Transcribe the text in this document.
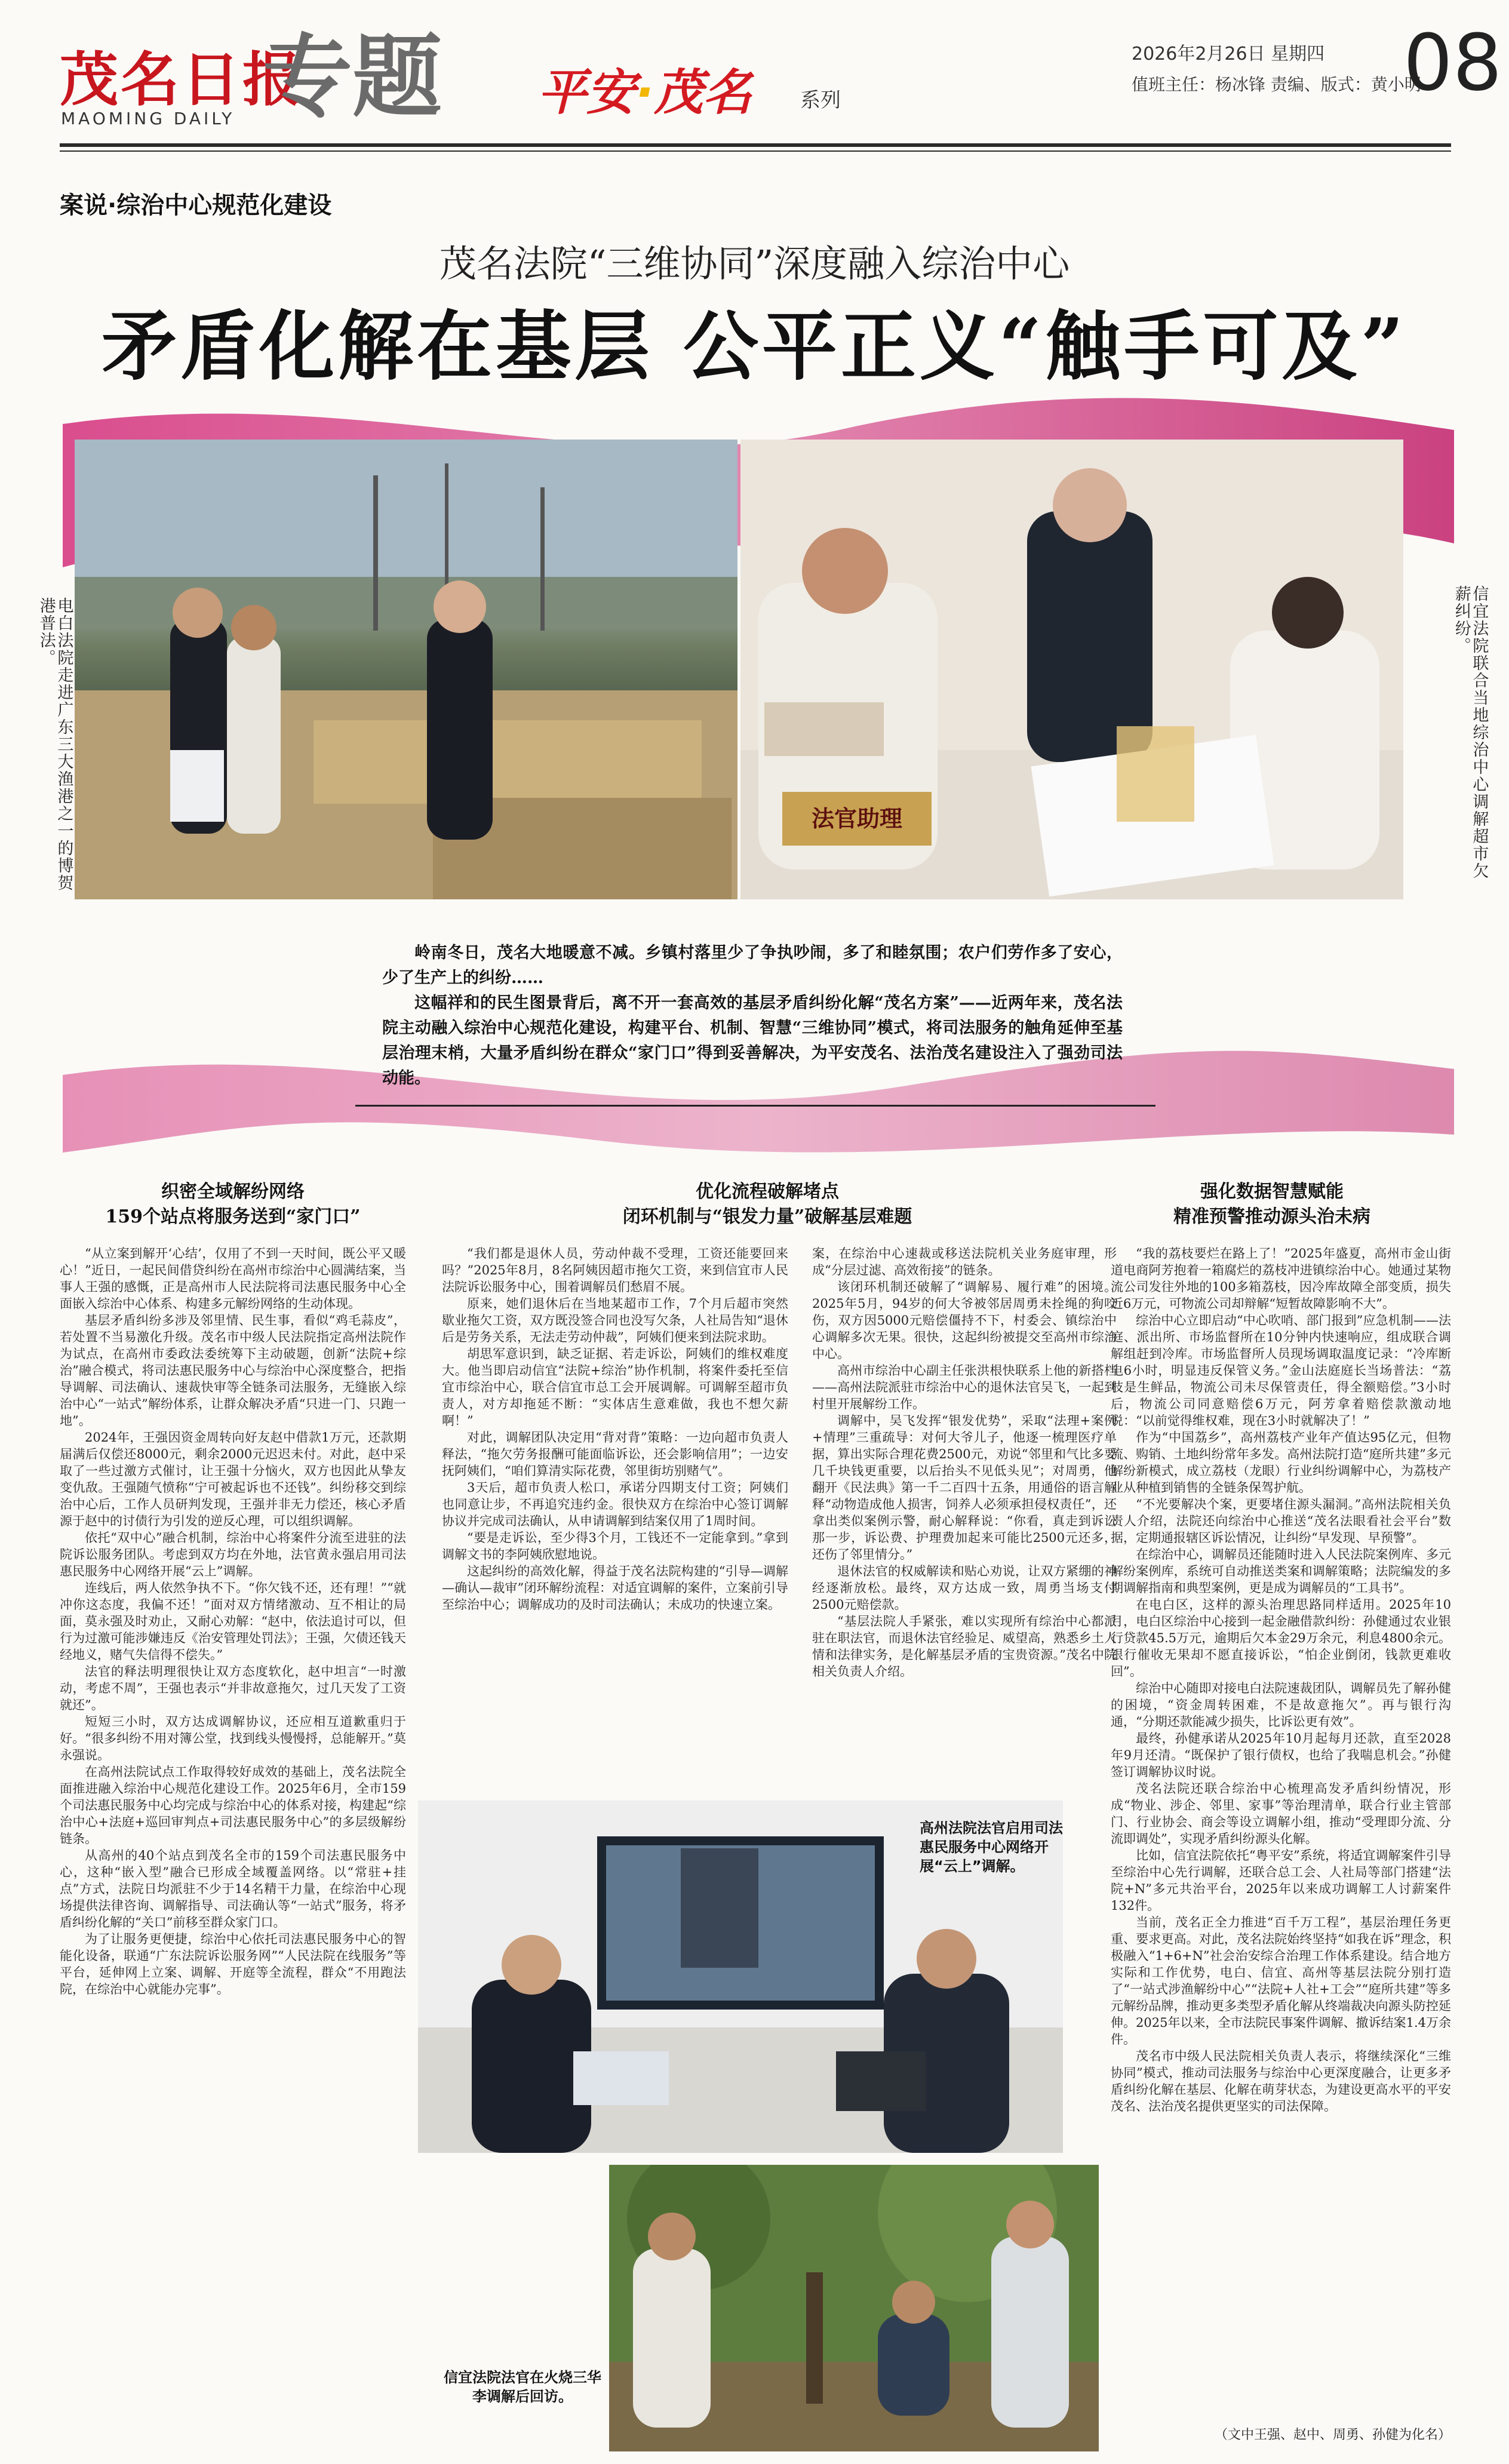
茂名日报
MAOMING DAILY 专题 平安·茂名 系列
2026年2月26日 星期四
值班主任：杨冰锋 责编、版式：黄小明
08
案说·综治中心规范化建设
茂名法院“三维协同”深度融入综治中心
矛盾化解在基层 公平正义“触手可及”
电白法院走进广东三大渔港之一的博贺港普法。
法官助理	信宜法院联合当地综治中心调解超市欠薪纠纷。

岭南冬日，茂名大地暖意不减。乡镇村落里少了争执吵闹，多了和睦氛围；农户们劳作多了安心，少了生产上的纠纷……

这幅祥和的民生图景背后，离不开一套高效的基层矛盾纠纷化解“茂名方案”——近两年来，茂名法院主动融入综治中心规范化建设，构建平台、机制、智慧“三维协同”模式，将司法服务的触角延伸至基层治理末梢，大量矛盾纠纷在群众“家门口”得到妥善解决，为平安茂名、法治茂名建设注入了强劲司法动能。

织密全域解纷网络
159个站点将服务送到“家门口”
优化流程破解堵点
闭环机制与“银发力量”破解基层难题
强化数据智慧赋能
精准预警推动源头治未病

“从立案到解开‘心结’，仅用了不到一天时间，既公平又暖心！”近日，一起民间借贷纠纷在高州市综治中心圆满结案，当事人王强的感慨，正是高州市人民法院将司法惠民服务中心全面嵌入综治中心体系、构建多元解纷网络的生动体现。

基层矛盾纠纷多涉及邻里情、民生事，看似“鸡毛蒜皮”，若处置不当易激化升级。茂名市中级人民法院指定高州法院作为试点，在高州市委政法委统筹下主动破题，创新“法院+综治”融合模式，将司法惠民服务中心与综治中心深度整合，把指导调解、司法确认、速裁快审等全链条司法服务，无缝嵌入综治中心“一站式”解纷体系，让群众解决矛盾“只进一门、只跑一地”。

2024年，王强因资金周转向好友赵中借款1万元，还款期届满后仅偿还8000元，剩余2000元迟迟未付。对此，赵中采取了一些过激方式催讨，让王强十分恼火，双方也因此从挚友变仇敌。王强随气愤称“宁可被起诉也不还钱”。纠纷移交到综治中心后，工作人员研判发现，王强并非无力偿还，核心矛盾源于赵中的讨债行为引发的逆反心理，可以组织调解。

依托“双中心”融合机制，综治中心将案件分流至进驻的法院诉讼服务团队。考虑到双方均在外地，法官黄永强启用司法惠民服务中心网络开展“云上”调解。

连线后，两人依然争执不下。“你欠钱不还，还有理！”“就冲你这态度，我偏不还！”面对双方情绪激动、互不相让的局面，莫永强及时劝止，又耐心劝解：“赵中，依法追讨可以，但行为过激可能涉嫌违反《治安管理处罚法》；王强，欠债还钱天经地义，赌气失信得不偿失。”

法官的释法明理很快让双方态度软化，赵中坦言“一时激动，考虑不周”，王强也表示“并非故意拖欠，过几天发了工资就还”。

短短三小时，双方达成调解协议，还应相互道歉重归于好。“很多纠纷不用对簿公堂，找到线头慢慢捋，总能解开。”莫永强说。

在高州法院试点工作取得较好成效的基础上，茂名法院全面推进融入综治中心规范化建设工作。2025年6月，全市159个司法惠民服务中心均完成与综治中心的体系对接，构建起“综治中心+法庭+巡回审判点+司法惠民服务中心”的多层级解纷链条。

从高州的40个站点到茂名全市的159个司法惠民服务中心，这种“嵌入型”融合已形成全域覆盖网络。以“常驻+挂点”方式，法院日均派驻不少于14名精干力量，在综治中心现场提供法律咨询、调解指导、司法确认等“一站式”服务，将矛盾纠纷化解的“关口”前移至群众家门口。

为了让服务更便捷，综治中心依托司法惠民服务中心的智能化设备，联通“广东法院诉讼服务网”“人民法院在线服务”等平台，延伸网上立案、调解、开庭等全流程，群众“不用跑法院，在综治中心就能办完事”。

“我们都是退休人员，劳动仲裁不受理，工资还能要回来吗？”2025年8月，8名阿姨因超市拖欠工资，来到信宜市人民法院诉讼服务中心，围着调解员们愁眉不展。

原来，她们退休后在当地某超市工作，7个月后超市突然歇业拖欠工资，双方既没签合同也没写欠条，人社局告知“退休后是劳务关系，无法走劳动仲裁”，阿姨们便来到法院求助。

胡思军意识到，缺乏证据、若走诉讼，阿姨们的维权难度大。他当即启动信宜“法院+综治”协作机制，将案件委托至信宜市综治中心，联合信宜市总工会开展调解。可调解至超市负责人，对方却拖延不断：“实体店生意难做，我也不想欠薪啊！”

对此，调解团队决定用“背对背”策略：一边向超市负责人释法，“拖欠劳务报酬可能面临诉讼，还会影响信用”；一边安抚阿姨们，“咱们算清实际花费，邻里街坊别赌气”。

3天后，超市负责人松口，承诺分四期支付工资；阿姨们也同意让步，不再追究违约金。很快双方在综治中心签订调解协议并完成司法确认，从申请调解到结案仅用了1周时间。

“要是走诉讼，至少得3个月，工钱还不一定能拿到。”拿到调解文书的李阿姨欣慰地说。

这起纠纷的高效化解，得益于茂名法院构建的“引导—调解—确认—裁审”闭环解纷流程：对适宜调解的案件，立案前引导至综治中心；调解成功的及时司法确认；未成功的快速立案。

案，在综治中心速裁或移送法院机关业务庭审理，形成“分层过滤、高效衔接”的链条。

该闭环机制还破解了“调解易、履行难”的困境。2025年5月，94岁的何大爷被邻居周勇未拴绳的狗咬伤，双方因5000元赔偿僵持不下，村委会、镇综治中心调解多次无果。很快，这起纠纷被提交至高州市综治中心。

高州市综治中心副主任张洪根快联系上他的新搭档——高州法院派驻市综治中心的退休法官吴飞，一起到村里开展解纷工作。

调解中，吴飞发挥“银发优势”，采取“法理+案例+情理”三重疏导：对何大爷儿子，他逐一梳理医疗单据，算出实际合理花费2500元，劝说“邻里和气比多要几千块钱更重要，以后抬头不见低头见”；对周勇，他翻开《民法典》第一千二百四十五条，用通俗的语言解释“动物造成他人损害，饲养人必须承担侵权责任”，还拿出类似案例示警，耐心解释说：“你看，真走到诉讼那一步，诉讼费、护理费加起来可能比2500元还多，还伤了邻里情分。”

退休法官的权威解读和贴心劝说，让双方紧绷的神经逐渐放松。最终，双方达成一致，周勇当场支付2500元赔偿款。

“基层法院人手紧张，难以实现所有综治中心都派驻在职法官，而退休法官经验足、威望高，熟悉乡土人情和法律实务，是化解基层矛盾的宝贵资源。”茂名中院相关负责人介绍。

“我的荔枝要烂在路上了！”2025年盛夏，高州市金山街道电商阿芳抱着一箱腐烂的荔枝冲进镇综治中心。她通过某物流公司发往外地的100多箱荔枝，因冷库故障全部变质，损失近6万元，可物流公司却辩解“短暂故障影响不大”。

综治中心立即启动“中心吹哨、部门报到”应急机制——法庭、派出所、市场监督所在10分钟内快速响应，组成联合调解组赶到冷库。市场监督所人员现场调取温度记录：“冷库断电6小时，明显违反保管义务。”金山法庭庭长当场普法：“荔枝是生鲜品，物流公司未尽保管责任，得全额赔偿。”3小时后，物流公司同意赔偿6万元，阿芳拿着赔偿款激动地说：“以前觉得维权难，现在3小时就解决了！”

作为“中国荔乡”，高州荔枝产业年产值达95亿元，但物流、购销、土地纠纷常年多发。高州法院打造“庭所共建”多元解纷新模式，成立荔枝（龙眼）行业纠纷调解中心，为荔枝产业从种植到销售的全链条保驾护航。

“不光要解决个案，更要堵住源头漏洞。”高州法院相关负责人介绍，法院还向综治中心推送“茂名法眼看社会平台”数据，定期通报辖区诉讼情况，让纠纷“早发现、早预警”。

在综治中心，调解员还能随时进入人民法院案例库、多元解纷案例库，系统可自动推送类案和调解策略；法院编发的多期调解指南和典型案例，更是成为调解员的“工具书”。

在电白区，这样的源头治理思路同样适用。2025年10月，电白区综治中心接到一起金融借款纠纷：孙健通过农业银行贷款45.5万元，逾期后欠本金29万余元，利息4800余元。银行催收无果却不愿直接诉讼，“怕企业倒闭，钱款更难收回”。

综治中心随即对接电白法院速裁团队，调解员先了解孙健的困境，“资金周转困难，不是故意拖欠”。再与银行沟通，“分期还款能减少损失，比诉讼更有效”。

最终，孙健承诺从2025年10月起每月还款，直至2028年9月还清。“既保护了银行债权，也给了我喘息机会。”孙健签订调解协议时说。

茂名法院还联合综治中心梳理高发矛盾纠纷情况，形成“物业、涉企、邻里、家事”等治理清单，联合行业主管部门、行业协会、商会等设立调解小组，推动“受理即分流、分流即调处”，实现矛盾纠纷源头化解。

比如，信宜法院依托“粤平安”系统，将适宜调解案件引导至综治中心先行调解，还联合总工会、人社局等部门搭建“法院+N”多元共治平台，2025年以来成功调解工人讨薪案件132件。

当前，茂名正全力推进“百千万工程”，基层治理任务更重、要求更高。对此，茂名法院始终坚持“如我在诉”理念，积极融入“1+6+N”社会治安综合治理工作体系建设。结合地方实际和工作优势，电白、信宜、高州等基层法院分别打造了“一站式涉渔解纷中心”“法院+人社+工会”“庭所共建”等多元解纷品牌，推动更多类型矛盾化解从终端裁决向源头防控延伸。2025年以来，全市法院民事案件调解、撤诉结案1.4万余件。

茂名市中级人民法院相关负责人表示，将继续深化“三维协同”模式，推动司法服务与综治中心更深度融合，让更多矛盾纠纷化解在基层、化解在萌芽状态，为建设更高水平的平安茂名、法治茂名提供更坚实的司法保障。

高州法院法官启用司法惠民服务中心网络开展“云上”调解。
信宜法院法官在火烧三华李调解后回访。
（文中王强、赵中、周勇、孙健为化名）
